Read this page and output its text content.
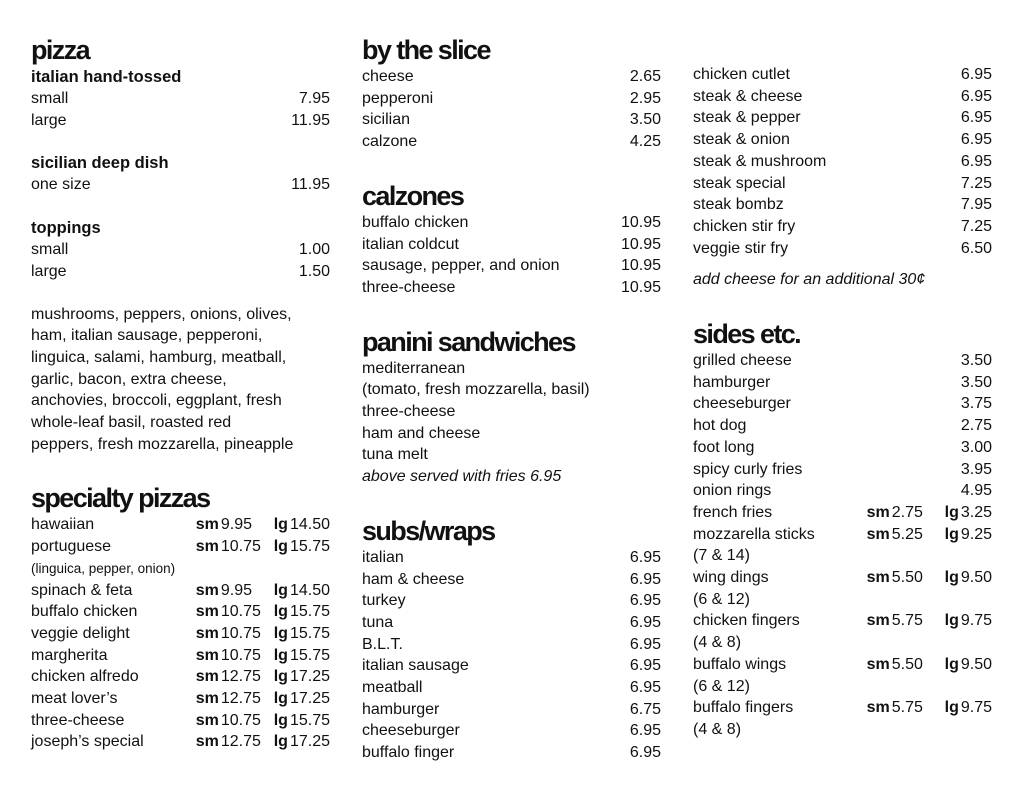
pizza
italian hand-tossed
small	7.95
large	11.95
sicilian deep dish
one size	11.95
toppings
small	1.00
large	1.50
mushrooms, peppers, onions, olives,
ham, italian sausage, pepperoni,
linguica, salami, hamburg, meatball,
garlic, bacon, extra cheese,
anchovies, broccoli, eggplant, fresh
whole-leaf basil, roasted red
peppers, fresh mozzarella, pineapple
specialty pizzas
hawaiian	sm 9.95 lg 14.50
portuguese	sm 10.75 lg 15.75
(linguica, pepper, onion)
spinach & feta	sm 9.95 lg 14.50
buffalo chicken	sm 10.75 lg 15.75
veggie delight	sm 10.75 lg 15.75
margherita	sm 10.75 lg 15.75
chicken alfredo	sm 12.75 lg 17.25
meat lover’s	sm 12.75 lg 17.25
three-cheese	sm 10.75 lg 15.75
joseph’s special	sm 12.75 lg 17.25
by the slice
cheese	2.65
pepperoni	2.95
sicilian	3.50
calzone	4.25
calzones
buffalo chicken	10.95
italian coldcut	10.95
sausage, pepper, and onion	10.95
three-cheese	10.95
panini sandwiches
mediterranean
(tomato, fresh mozzarella, basil)
three-cheese
ham and cheese
tuna melt
above served with fries 6.95
subs/wraps
italian	6.95
ham & cheese	6.95
turkey	6.95
tuna	6.95
B.L.T.	6.95
italian sausage	6.95
meatball	6.95
hamburger	6.75
cheeseburger	6.95
buffalo finger	6.95
chicken cutlet	6.95
steak & cheese	6.95
steak & pepper	6.95
steak & onion	6.95
steak & mushroom	6.95
steak special	7.25
steak bombz	7.95
chicken stir fry	7.25
veggie stir fry	6.50
add cheese for an additional 30¢
sides etc.
grilled cheese	3.50
hamburger	3.50
cheeseburger	3.75
hot dog	2.75
foot long	3.00
spicy curly fries	3.95
onion rings	4.95
french fries	sm 2.75 lg 3.25
mozzarella sticks	sm 5.25 lg 9.25
(7 & 14)
wing dings	sm 5.50 lg 9.50
(6 & 12)
chicken fingers	sm 5.75 lg 9.75
(4 & 8)
buffalo wings	sm 5.50 lg 9.50
(6 & 12)
buffalo fingers	sm 5.75 lg 9.75
(4 & 8)
